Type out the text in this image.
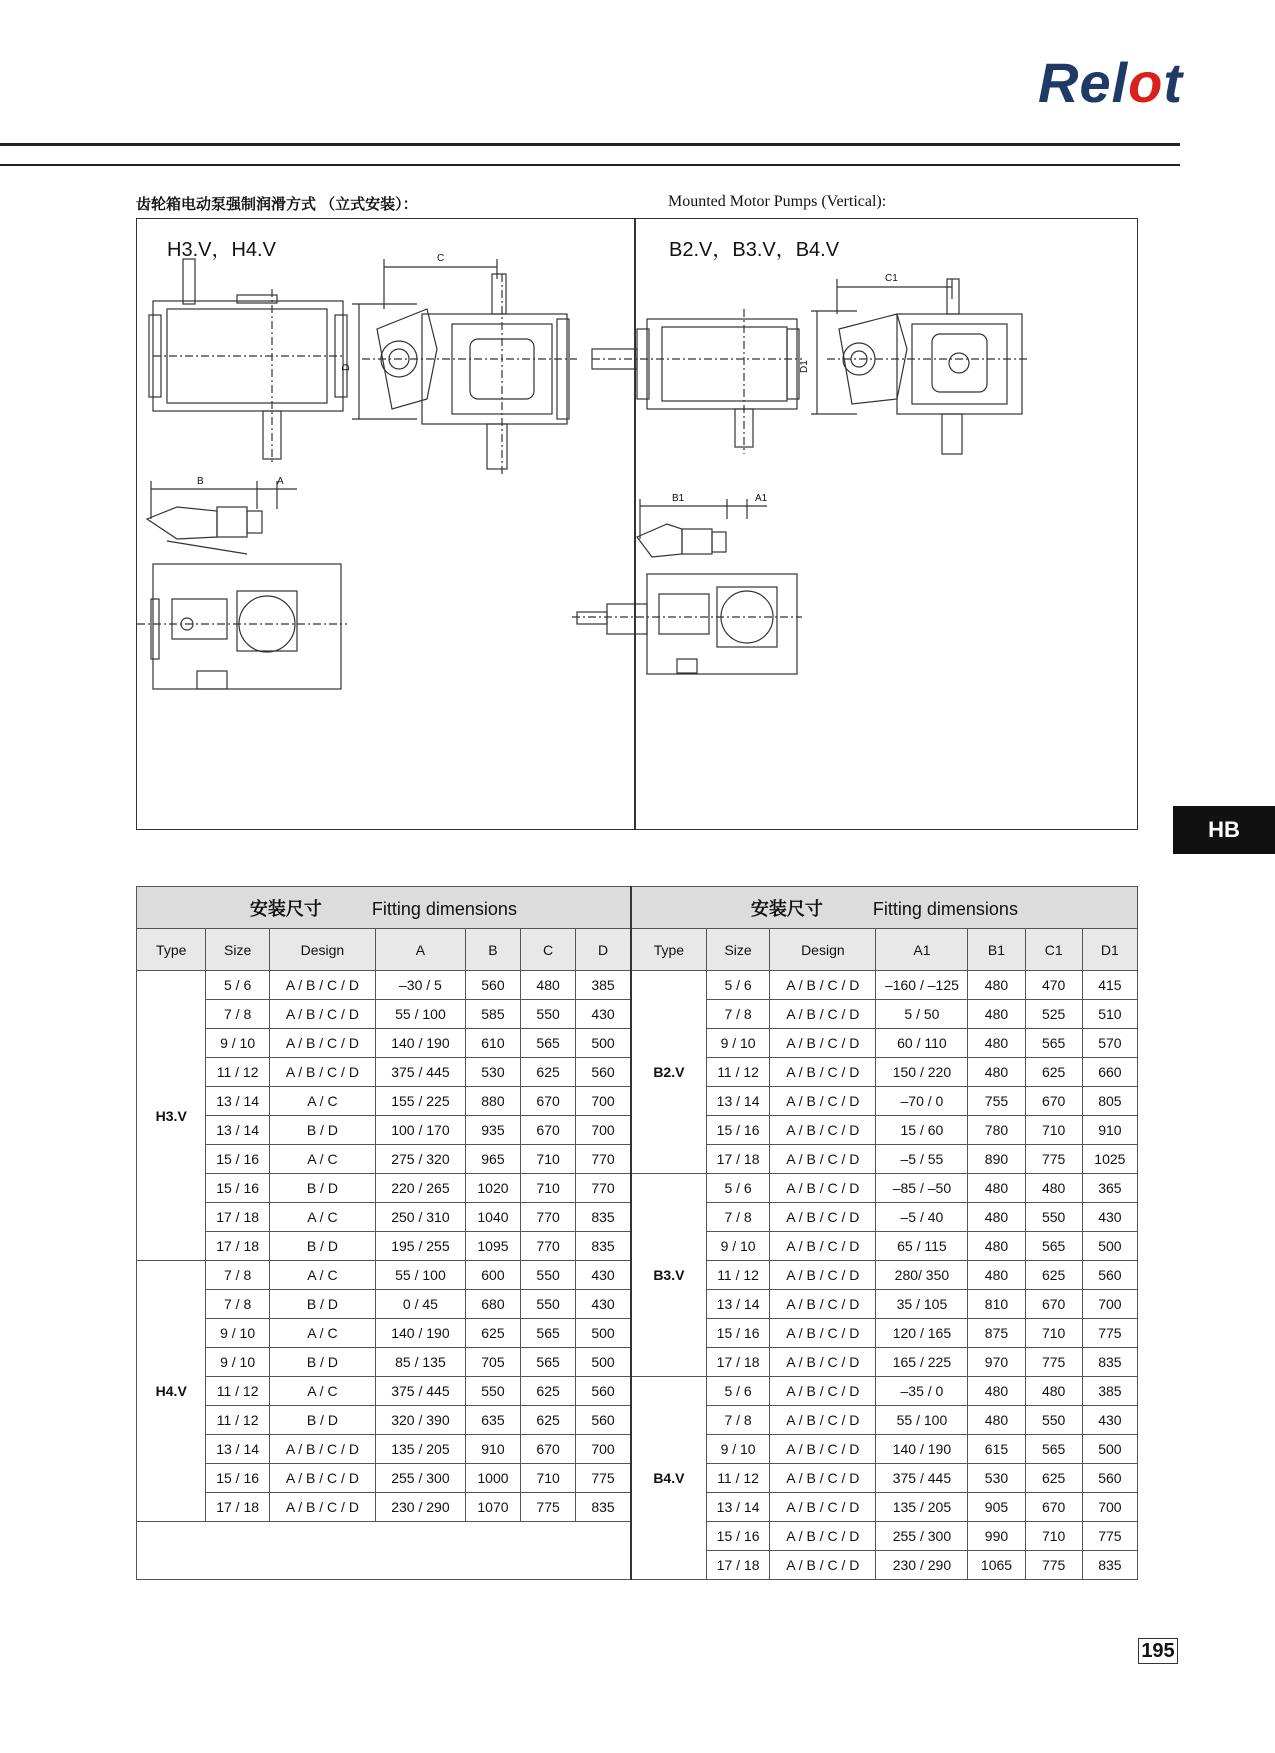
Relot
齿轮箱电动泵强制润滑方式 （立式安装）：	Mounted Motor Pumps (Vertical):
H3.V，H4.V	B2.V，B3.V，B4.V
C
D
B	A
C1
D1
B1	A1
HB
安装尺寸 Fitting dimensions							安装尺寸 Fitting dimensions						
Type	Size	Design	A	B	C	D	Type	Size	Design	A1	B1	C1	D1
H3.V	5 / 6	A / B / C / D	–30 / 5	560	480	385	B2.V	5 / 6	A / B / C / D	–160 / –125	480	470	415
	7 / 8	A / B / C / D	55 / 100	585	550	430		7 / 8	A / B / C / D	5 / 50	480	525	510
	9 / 10	A / B / C / D	140 / 190	610	565	500		9 / 10	A / B / C / D	60 / 110	480	565	570
	11 / 12	A / B / C / D	375 / 445	530	625	560		11 / 12	A / B / C / D	150 / 220	480	625	660
	13 / 14	A / C	155 / 225	880	670	700		13 / 14	A / B / C / D	–70 / 0	755	670	805
	13 / 14	B / D	100 / 170	935	670	700		15 / 16	A / B / C / D	15 / 60	780	710	910
	15 / 16	A / C	275 / 320	965	710	770		17 / 18	A / B / C / D	–5 / 55	890	775	1025
	15 / 16	B / D	220 / 265	1020	710	770	B3.V	5 / 6	A / B / C / D	–85 / –50	480	480	365
	17 / 18	A / C	250 / 310	1040	770	835		7 / 8	A / B / C / D	–5 / 40	480	550	430
	17 / 18	B / D	195 / 255	1095	770	835		9 / 10	A / B / C / D	65 / 115	480	565	500
H4.V	7 / 8	A / C	55 / 100	600	550	430		11 / 12	A / B / C / D	280/ 350	480	625	560
	7 / 8	B / D	0 / 45	680	550	430		13 / 14	A / B / C / D	35 / 105	810	670	700
	9 / 10	A / C	140 / 190	625	565	500		15 / 16	A / B / C / D	120 / 165	875	710	775
	9 / 10	B / D	85 / 135	705	565	500		17 / 18	A / B / C / D	165 / 225	970	775	835
	11 / 12	A / C	375 / 445	550	625	560	B4.V	5 / 6	A / B / C / D	–35 / 0	480	480	385
	11 / 12	B / D	320 / 390	635	625	560		7 / 8	A / B / C / D	55 / 100	480	550	430
	13 / 14	A / B / C / D	135 / 205	910	670	700		9 / 10	A / B / C / D	140 / 190	615	565	500
	15 / 16	A / B / C / D	255 / 300	1000	710	775		11 / 12	A / B / C / D	375 / 445	530	625	560
	17 / 18	A / B / C / D	230 / 290	1070	775	835		13 / 14	A / B / C / D	135 / 205	905	670	700
								15 / 16	A / B / C / D	255 / 300	990	710	775
								17 / 18	A / B / C / D	230 / 290	1065	775	835
195
